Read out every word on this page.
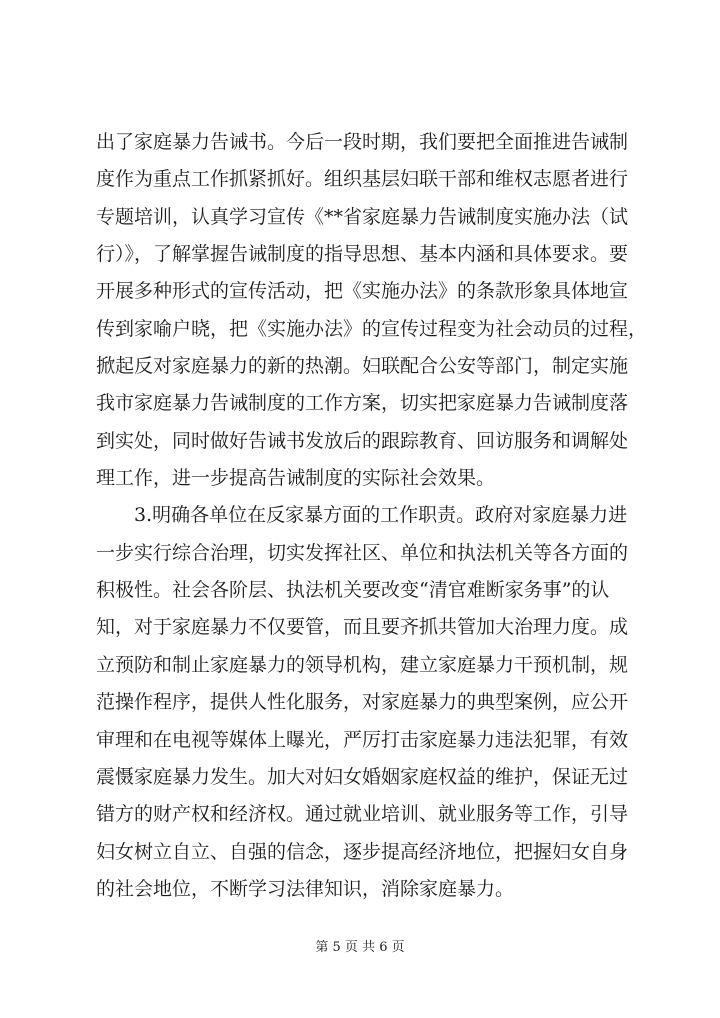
出了家庭暴力告诫书。今后一段时期，我们要把全面推进告诫制
度作为重点工作抓紧抓好。组织基层妇联干部和维权志愿者进行
专题培训，认真学习宣传《**省家庭暴力告诫制度实施办法（试
行）》，了解掌握告诫制度的指导思想、基本内涵和具体要求。要
开展多种形式的宣传活动，把《实施办法》的条款形象具体地宣
传到家喻户晓，把《实施办法》的宣传过程变为社会动员的过程，
掀起反对家庭暴力的新的热潮。妇联配合公安等部门，制定实施
我市家庭暴力告诫制度的工作方案，切实把家庭暴力告诫制度落
到实处，同时做好告诫书发放后的跟踪教育、回访服务和调解处
理工作，进一步提高告诫制度的实际社会效果。
3.明确各单位在反家暴方面的工作职责。政府对家庭暴力进
一步实行综合治理，切实发挥社区、单位和执法机关等各方面的
积极性。社会各阶层、执法机关要改变“清官难断家务事”的认
知，对于家庭暴力不仅要管，而且要齐抓共管加大治理力度。成
立预防和制止家庭暴力的领导机构，建立家庭暴力干预机制，规
范操作程序，提供人性化服务，对家庭暴力的典型案例，应公开
审理和在电视等媒体上曝光，严厉打击家庭暴力违法犯罪，有效
震慑家庭暴力发生。加大对妇女婚姻家庭权益的维护，保证无过
错方的财产权和经济权。通过就业培训、就业服务等工作，引导
妇女树立自立、自强的信念，逐步提高经济地位，把握妇女自身
的社会地位，不断学习法律知识，消除家庭暴力。
第 5 页 共 6 页
